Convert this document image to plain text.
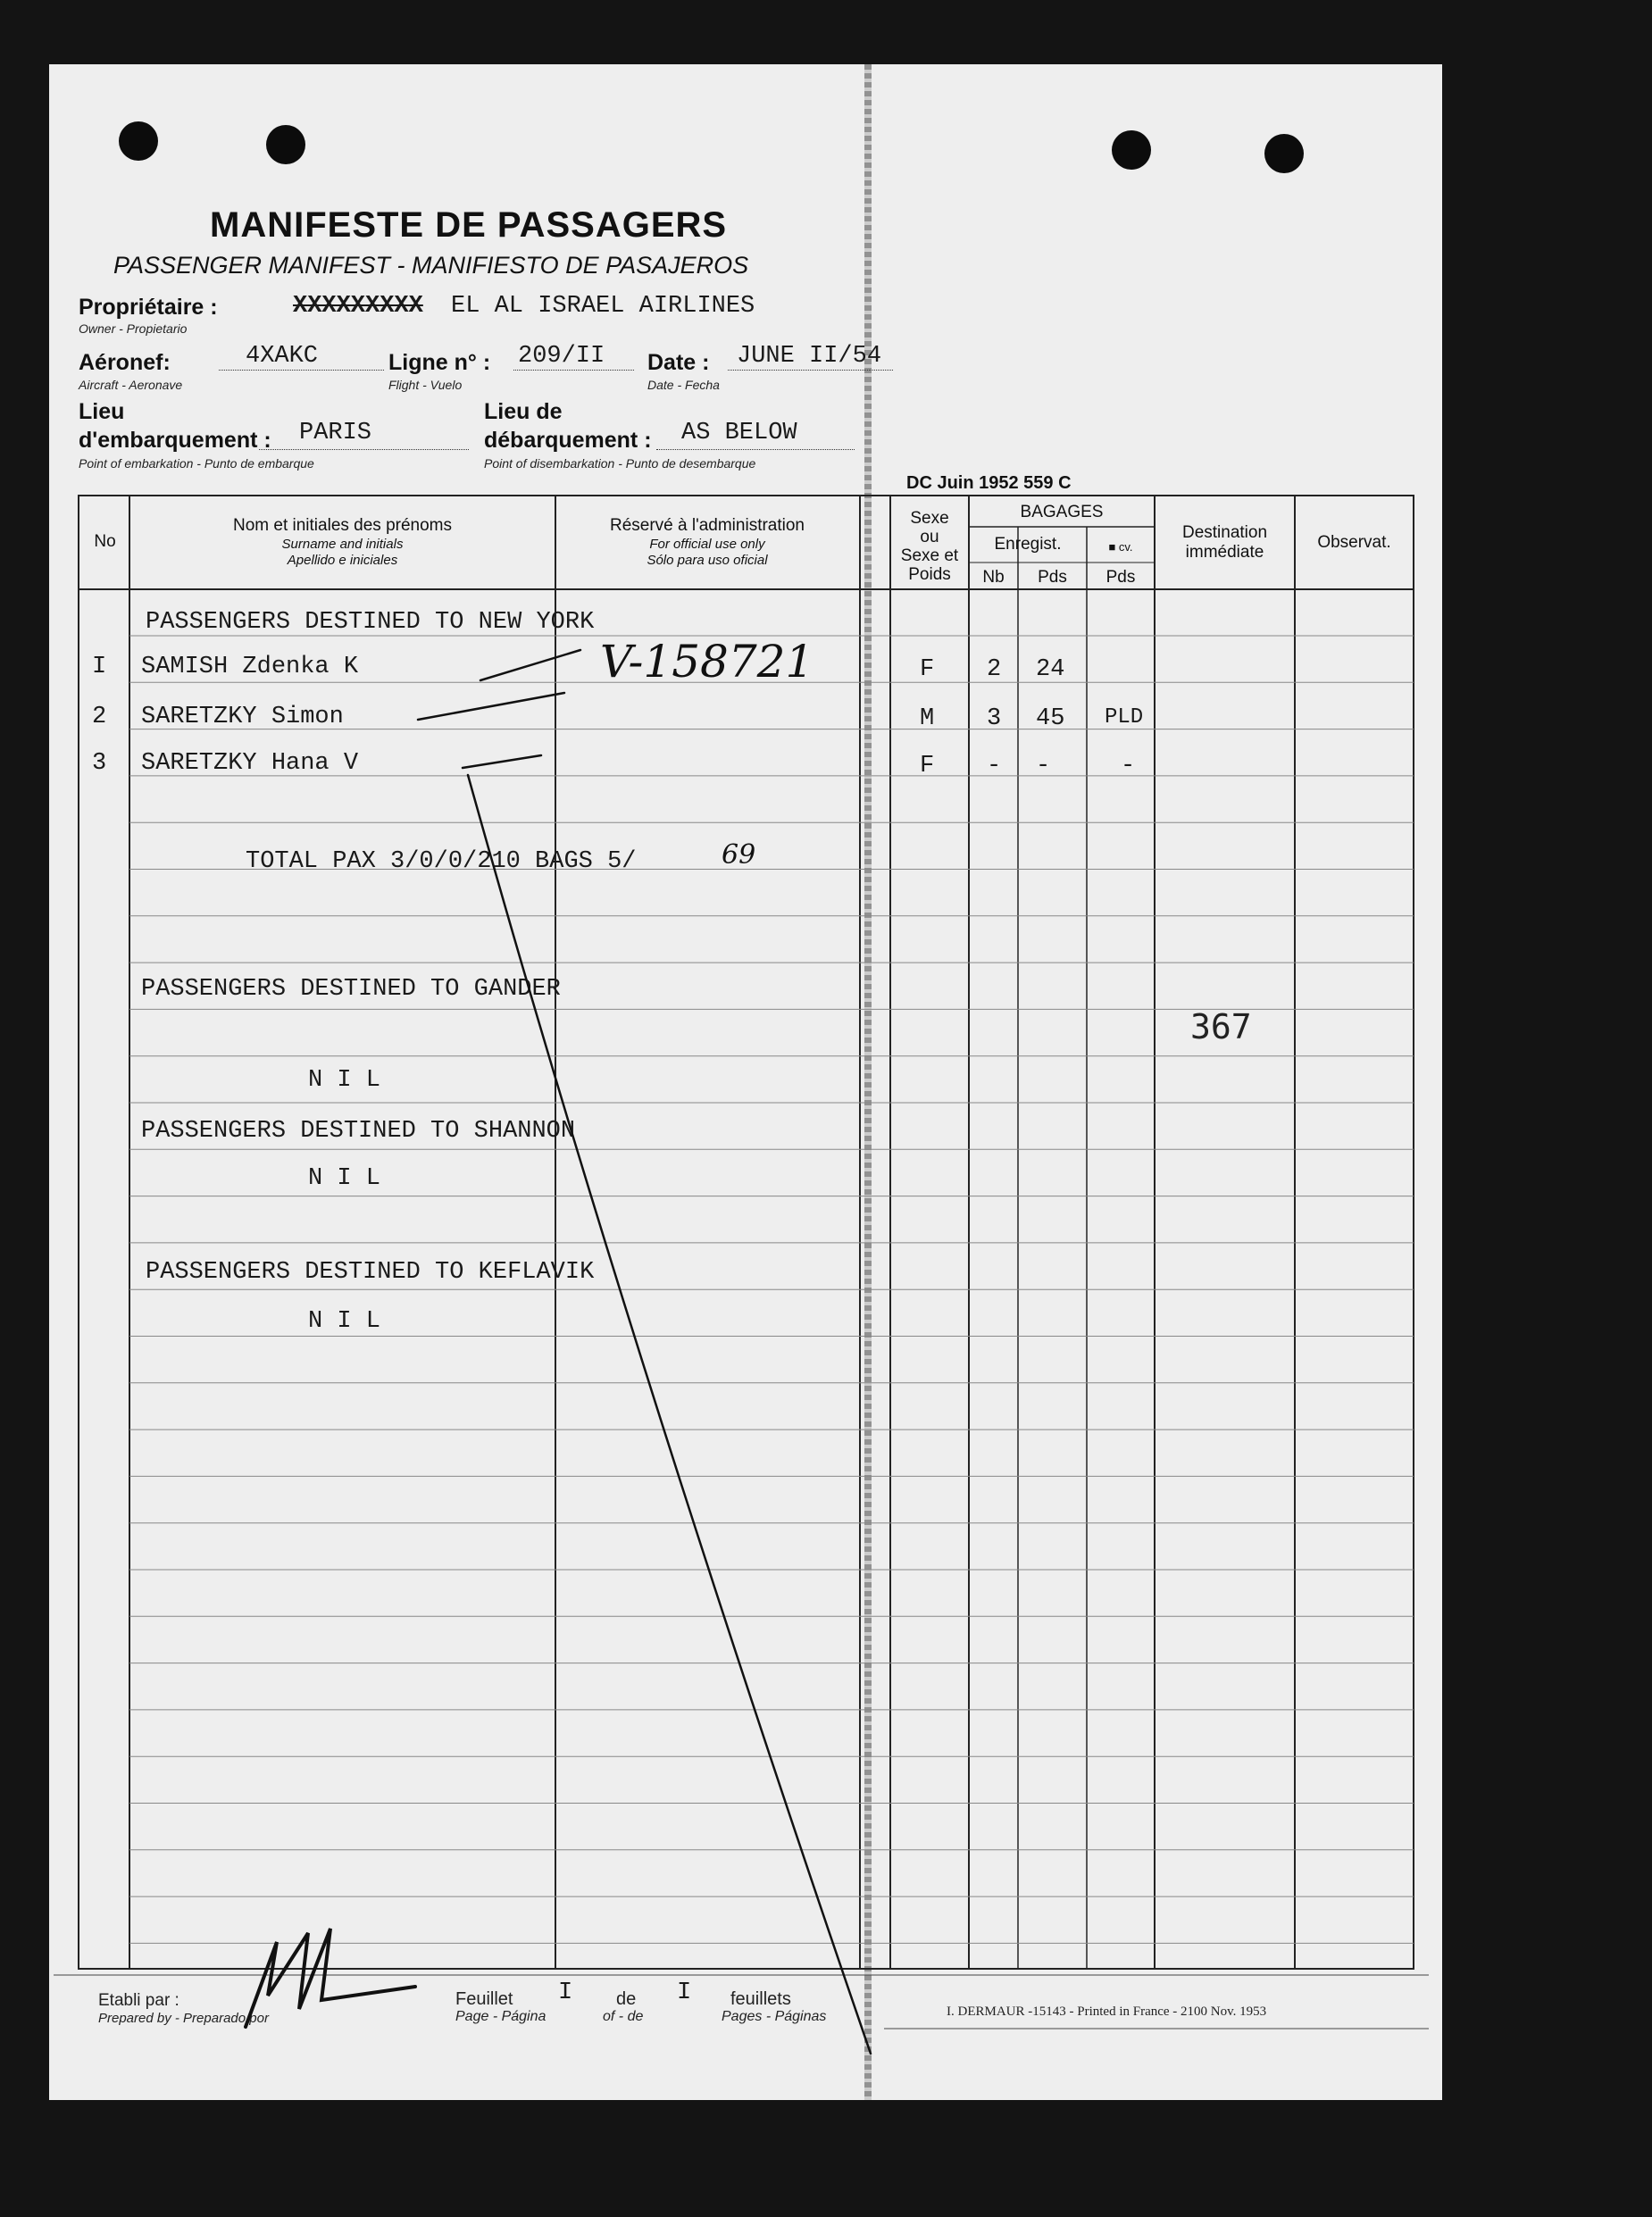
MANIFESTE DE PASSAGERS
PASSENGER MANIFEST - MANIFIESTO DE PASAJEROS
Propriétaire :
Owner - Propietario
XXXXXXXXX EL AL ISRAEL AIRLINES
Aéronef:
Aircraft - Aeronave
4XAKC	Ligne n° :
Flight - Vuelo
209/II Date :
Date - Fecha
JUNE II/54
Lieu
d'embarquement :
Point of embarkation - Punto de embarque
PARIS
Lieu de
débarquement :
Point of disembarkation - Punto de desembarque
AS BELOW
DC Juin 1952 559 C
No
Nom et initiales des prénoms
Surname and initials
Apellido e iniciales
Réservé à l'administration
For official use only
Sólo para uso oficial
Sexe
ou
Sexe et
Poids
BAGAGES
Enregist.	■ cv.
Nb	Pds	Pds
Destination
immédiate
Observat.
PASSENGERS DESTINED TO NEW YORK
I SAMISH Zdenka K	F 2 24
2 SARETZKY Simon	M 3 45 PLD
3 SARETZKY Hana V	F - -	-
TOTAL PAX 3/0/0/210 BAGS 5/	69
PASSENGERS DESTINED TO GANDER
367
N I L
PASSENGERS DESTINED TO SHANNON
N I L
PASSENGERS DESTINED TO KEFLAVIK
N I L
V-158721
Etabli par :
Prepared by - Preparado por
Feuillet I de I feuillets
Page - Página	of - de	Pages - Páginas	I. DERMAUR -15143 - Printed in France - 2100 Nov. 1953
